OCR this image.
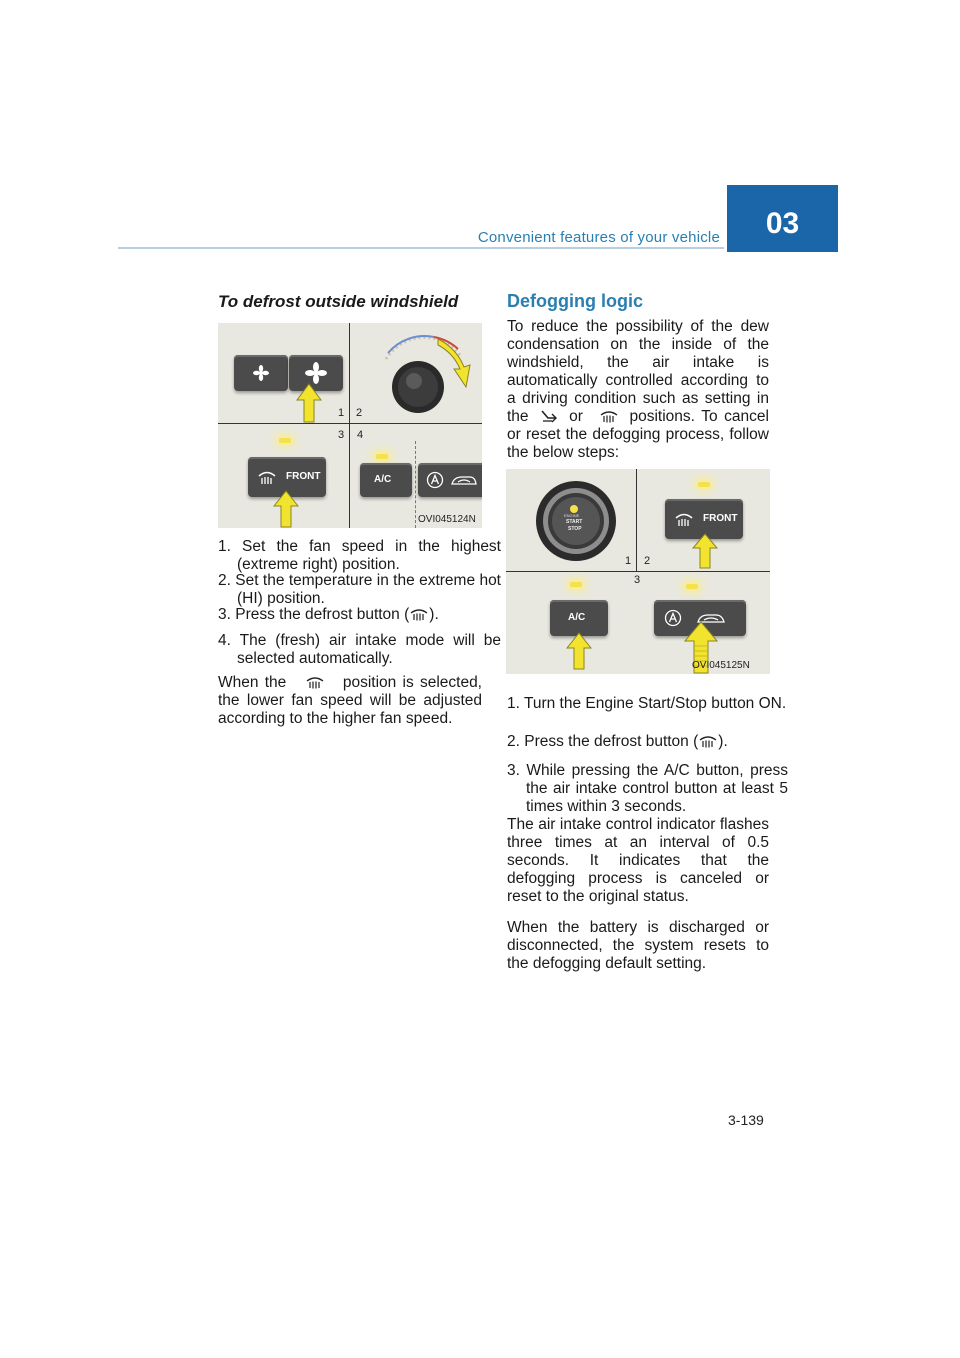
Convenient features of your vehicle	03
To defrost outside windshield
1 2
3 4
FRONT	A/C
OVI045124N
1. Set the fan speed in the highest (extreme right) position.
2. Set the temperature in the extreme hot (HI) position.
3. Press the defrost button ( ).
4. The (fresh) air intake mode will be selected automatically.
When the	position is selected, the lower fan speed will be adjusted according to the higher fan speed.
Defogging logic
To reduce the possibility of the dew condensation on the inside of the windshield, the air intake is automatically controlled according to a driving condition such as setting in the	or	positions. To cancel or reset the defogging process, follow the below steps:
ENGINE
START
STOP
FRONT
1 2
3
A/C
OVI045125N
1. Turn the Engine Start/Stop button ON.
2. Press the defrost button ( ).
3. While pressing the A/C button, press the air intake control button at least 5 times within 3 seconds.
The air intake control indicator flashes three times at an interval of 0.5 seconds. It indicates that the defogging process is canceled or reset to the original status.
When the battery is discharged or disconnected, the system resets to the defogging default setting.
3-139
